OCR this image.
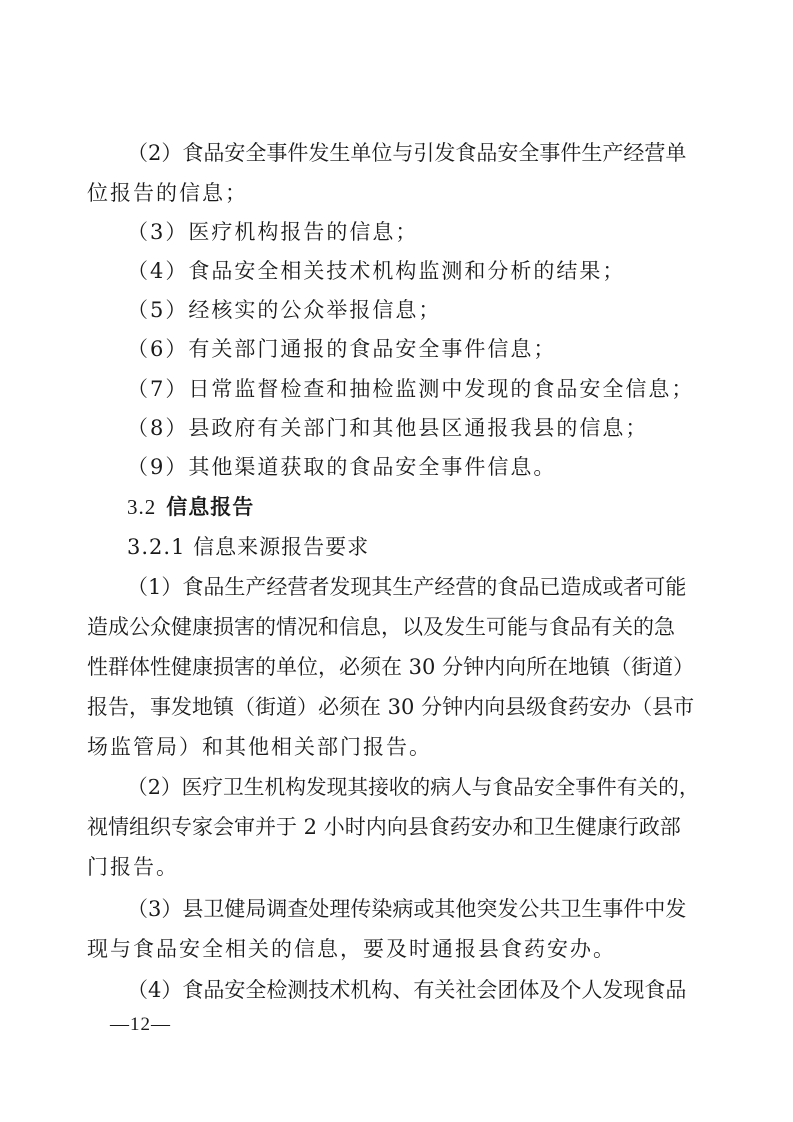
（2）食品安全事件发生单位与引发食品安全事件生产经营单
位报告的信息；
（3）医疗机构报告的信息；
（4）食品安全相关技术机构监测和分析的结果；
（5）经核实的公众举报信息；
（6）有关部门通报的食品安全事件信息；
（7）日常监督检查和抽检监测中发现的食品安全信息；
（8）县政府有关部门和其他县区通报我县的信息；
（9）其他渠道获取的食品安全事件信息。
3.2 信息报告
3.2.1 信息来源报告要求
（1）食品生产经营者发现其生产经营的食品已造成或者可能
造成公众健康损害的情况和信息，以及发生可能与食品有关的急
性群体性健康损害的单位，必须在 30 分钟内向所在地镇（街道）
报告，事发地镇（街道）必须在 30 分钟内向县级食药安办（县市
场监管局）和其他相关部门报告。
（2）医疗卫生机构发现其接收的病人与食品安全事件有关的，
视情组织专家会审并于 2 小时内向县食药安办和卫生健康行政部
门报告。
（3）县卫健局调查处理传染病或其他突发公共卫生事件中发
现与食品安全相关的信息，要及时通报县食药安办。
（4）食品安全检测技术机构、有关社会团体及个人发现食品
—12—
